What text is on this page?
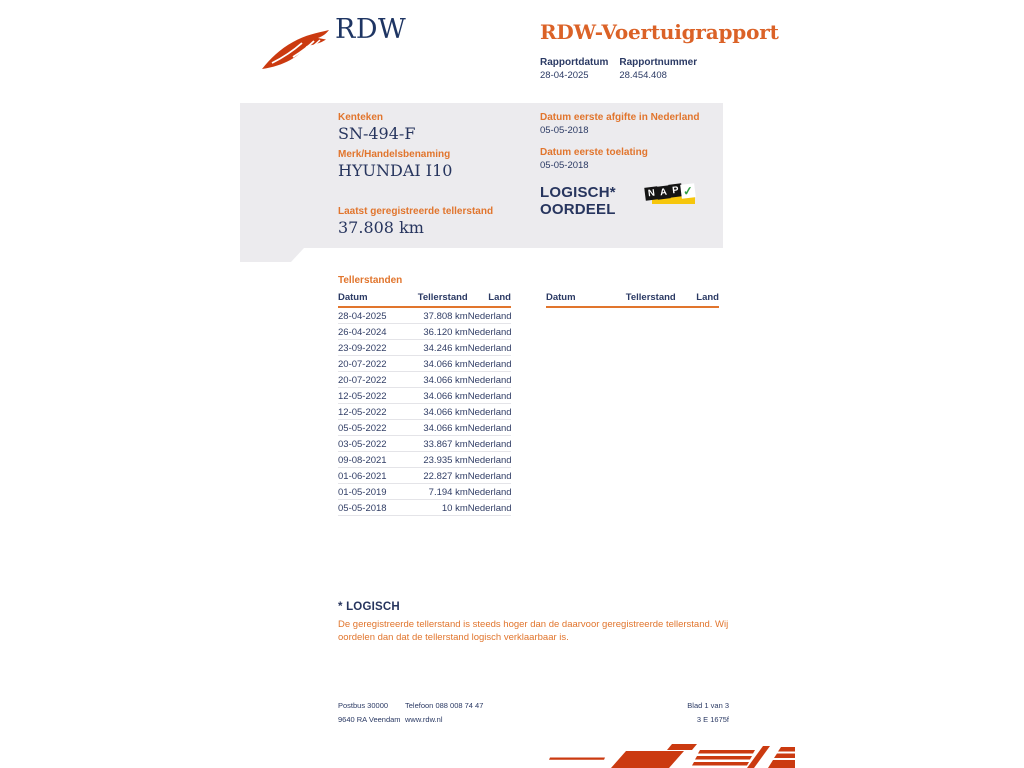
RDW	RDW-Voertuigrapport
Rapportdatum
28-04-2025
Rapportnummer
28.454.408
Kenteken
SN-494-F
Merk/Handelsbenaming
HYUNDAI I10
Laatst geregistreerde tellerstand
37.808 km
Datum eerste afgifte in Nederland
05-05-2018
Datum eerste toelating
05-05-2018
LOGISCH*
OORDEEL
N A P ✓
Tellerstanden
Datum	Tellerstand	Land
28-04-2025	37.808 km	Nederland
26-04-2024	36.120 km	Nederland
23-09-2022	34.246 km	Nederland
20-07-2022	34.066 km	Nederland
20-07-2022	34.066 km	Nederland
12-05-2022	34.066 km	Nederland
12-05-2022	34.066 km	Nederland
05-05-2022	34.066 km	Nederland
03-05-2022	33.867 km	Nederland
09-08-2021	23.935 km	Nederland
01-06-2021	22.827 km	Nederland
01-05-2019	7.194 km	Nederland
05-05-2018	10 km	Nederland
Datum	Tellerstand	Land
* LOGISCH
De geregistreerde tellerstand is steeds hoger dan de daarvoor geregistreerde tellerstand. Wij oordelen dan dat de tellerstand logisch verklaarbaar is.
Postbus 30000
9640 RA Veendam
Telefoon 088 008 74 47
www.rdw.nl
Blad 1 van 3
3 E 1675f
